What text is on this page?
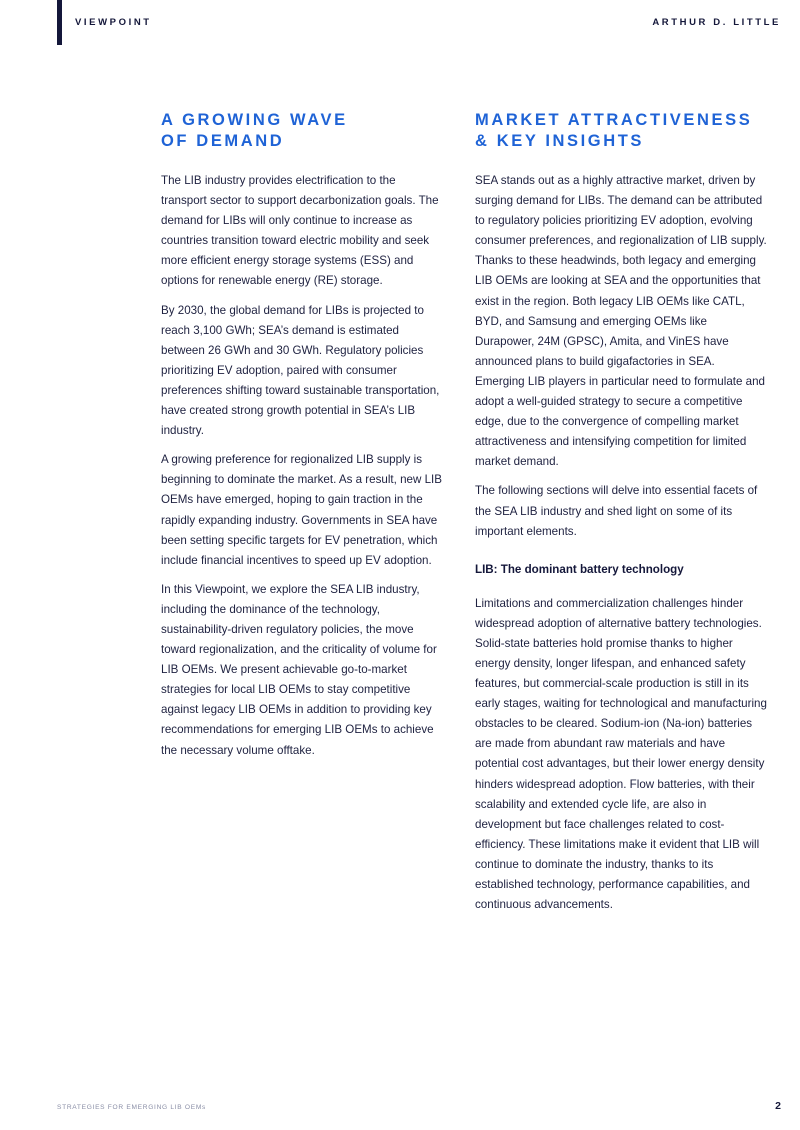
VIEWPOINT	ARTHUR D. LITTLE
A GROWING WAVE
OF DEMAND

The LIB industry provides electrification to the transport sector to support decarbonization goals. The demand for LIBs will only continue to increase as countries transition toward electric mobility and seek more efficient energy storage systems (ESS) and options for renewable energy (RE) storage.

By 2030, the global demand for LIBs is projected to reach 3,100 GWh; SEA’s demand is estimated between 26 GWh and 30 GWh. Regulatory policies prioritizing EV adoption, paired with consumer preferences shifting toward sustainable transportation, have created strong growth potential in SEA’s LIB industry.

A growing preference for regionalized LIB supply is beginning to dominate the market. As a result, new LIB OEMs have emerged, hoping to gain traction in the rapidly expanding industry. Governments in SEA have been setting specific targets for EV penetration, which include financial incentives to speed up EV adoption.

In this Viewpoint, we explore the SEA LIB industry, including the dominance of the technology, sustainability-driven regulatory policies, the move toward regionalization, and the criticality of volume for LIB OEMs. We present achievable go-to-market strategies for local LIB OEMs to stay competitive against legacy LIB OEMs in addition to providing key recommendations for emerging LIB OEMs to achieve the necessary volume offtake.

MARKET ATTRACTIVENESS
& KEY INSIGHTS

SEA stands out as a highly attractive market, driven by surging demand for LIBs. The demand can be attributed to regulatory policies prioritizing EV adoption, evolving consumer preferences, and regionalization of LIB supply. Thanks to these headwinds, both legacy and emerging LIB OEMs are looking at SEA and the opportunities that exist in the region. Both legacy LIB OEMs like CATL, BYD, and Samsung and emerging OEMs like Durapower, 24M (GPSC), Amita, and VinES have announced plans to build gigafactories in SEA. Emerging LIB players in particular need to formulate and adopt a well-guided strategy to secure a competitive edge, due to the convergence of compelling market attractiveness and intensifying competition for limited market demand.

The following sections will delve into essential facets of the SEA LIB industry and shed light on some of its important elements.

LIB: The dominant battery technology

Limitations and commercialization challenges hinder widespread adoption of alternative battery technologies. Solid-state batteries hold promise thanks to higher energy density, longer lifespan, and enhanced safety features, but commercial-scale production is still in its early stages, waiting for technological and manufacturing obstacles to be cleared. Sodium-ion (Na-ion) batteries are made from abundant raw materials and have potential cost advantages, but their lower energy density hinders widespread adoption. Flow batteries, with their scalability and extended cycle life, are also in development but face challenges related to cost-efficiency. These limitations make it evident that LIB will continue to dominate the industry, thanks to its established technology, performance capabilities, and continuous advancements.

STRATEGIES FOR EMERGING LIB OEMs	2
